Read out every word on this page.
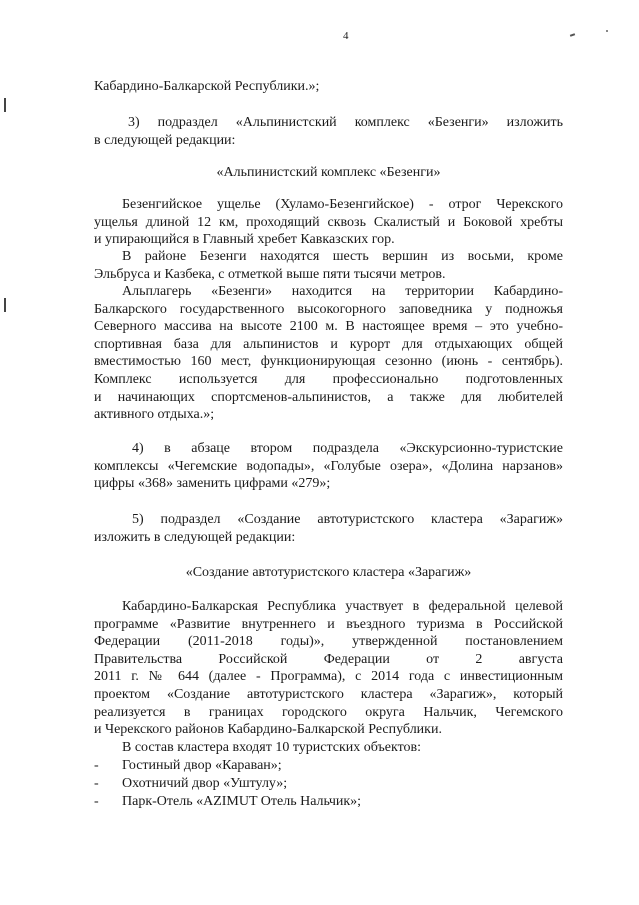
4

Кабардино-Балкарской Республики.»;

3) подраздел «Альпинистский комплекс «Безенги» изложить
в следующей редакции:

«Альпинистский комплекс «Безенги»

Безенгийское ущелье (Хуламо-Безенгийское) - отрог Черекского
ущелья длиной 12 км, проходящий сквозь Скалистый и Боковой хребты
и упирающийся в Главный хребет Кавказских гор.

В районе Безенги находятся шесть вершин из восьми, кроме
Эльбруса и Казбека, с отметкой выше пяти тысячи метров.

Альплагерь «Безенги» находится на территории Кабардино-
Балкарского государственного высокогорного заповедника у подножья
Северного массива на высоте 2100 м. В настоящее время – это учебно-
спортивная база для альпинистов и курорт для отдыхающих общей
вместимостью 160 мест, функционирующая сезонно (июнь - сентябрь).
Комплекс используется для профессионально подготовленных
и начинающих спортсменов-альпинистов, а также для любителей
активного отдыха.»;

4) в абзаце втором подраздела «Экскурсионно-туристские
комплексы «Чегемские водопады», «Голубые озера», «Долина нарзанов»
цифры «368» заменить цифрами «279»;

5) подраздел «Создание автотуристского кластера «Зарагиж»
изложить в следующей редакции:

«Создание автотуристского кластера «Зарагиж»

Кабардино-Балкарская Республика участвует в федеральной целевой
программе «Развитие внутреннего и въездного туризма в Российской
Федерации (2011-2018 годы)», утвержденной постановлением
Правительства Российской Федерации от 2 августа
2011 г. № 644 (далее - Программа), с 2014 года с инвестиционным
проектом «Создание автотуристского кластера «Зарагиж», который
реализуется в границах городского округа Нальчик, Чегемского
и Черекского районов Кабардино-Балкарской Республики.

В состав кластера входят 10 туристских объектов:

- Гостиный двор «Караван»;
- Охотничий двор «Уштулу»;
- Парк-Отель «AZIMUT Отель Нальчик»;
